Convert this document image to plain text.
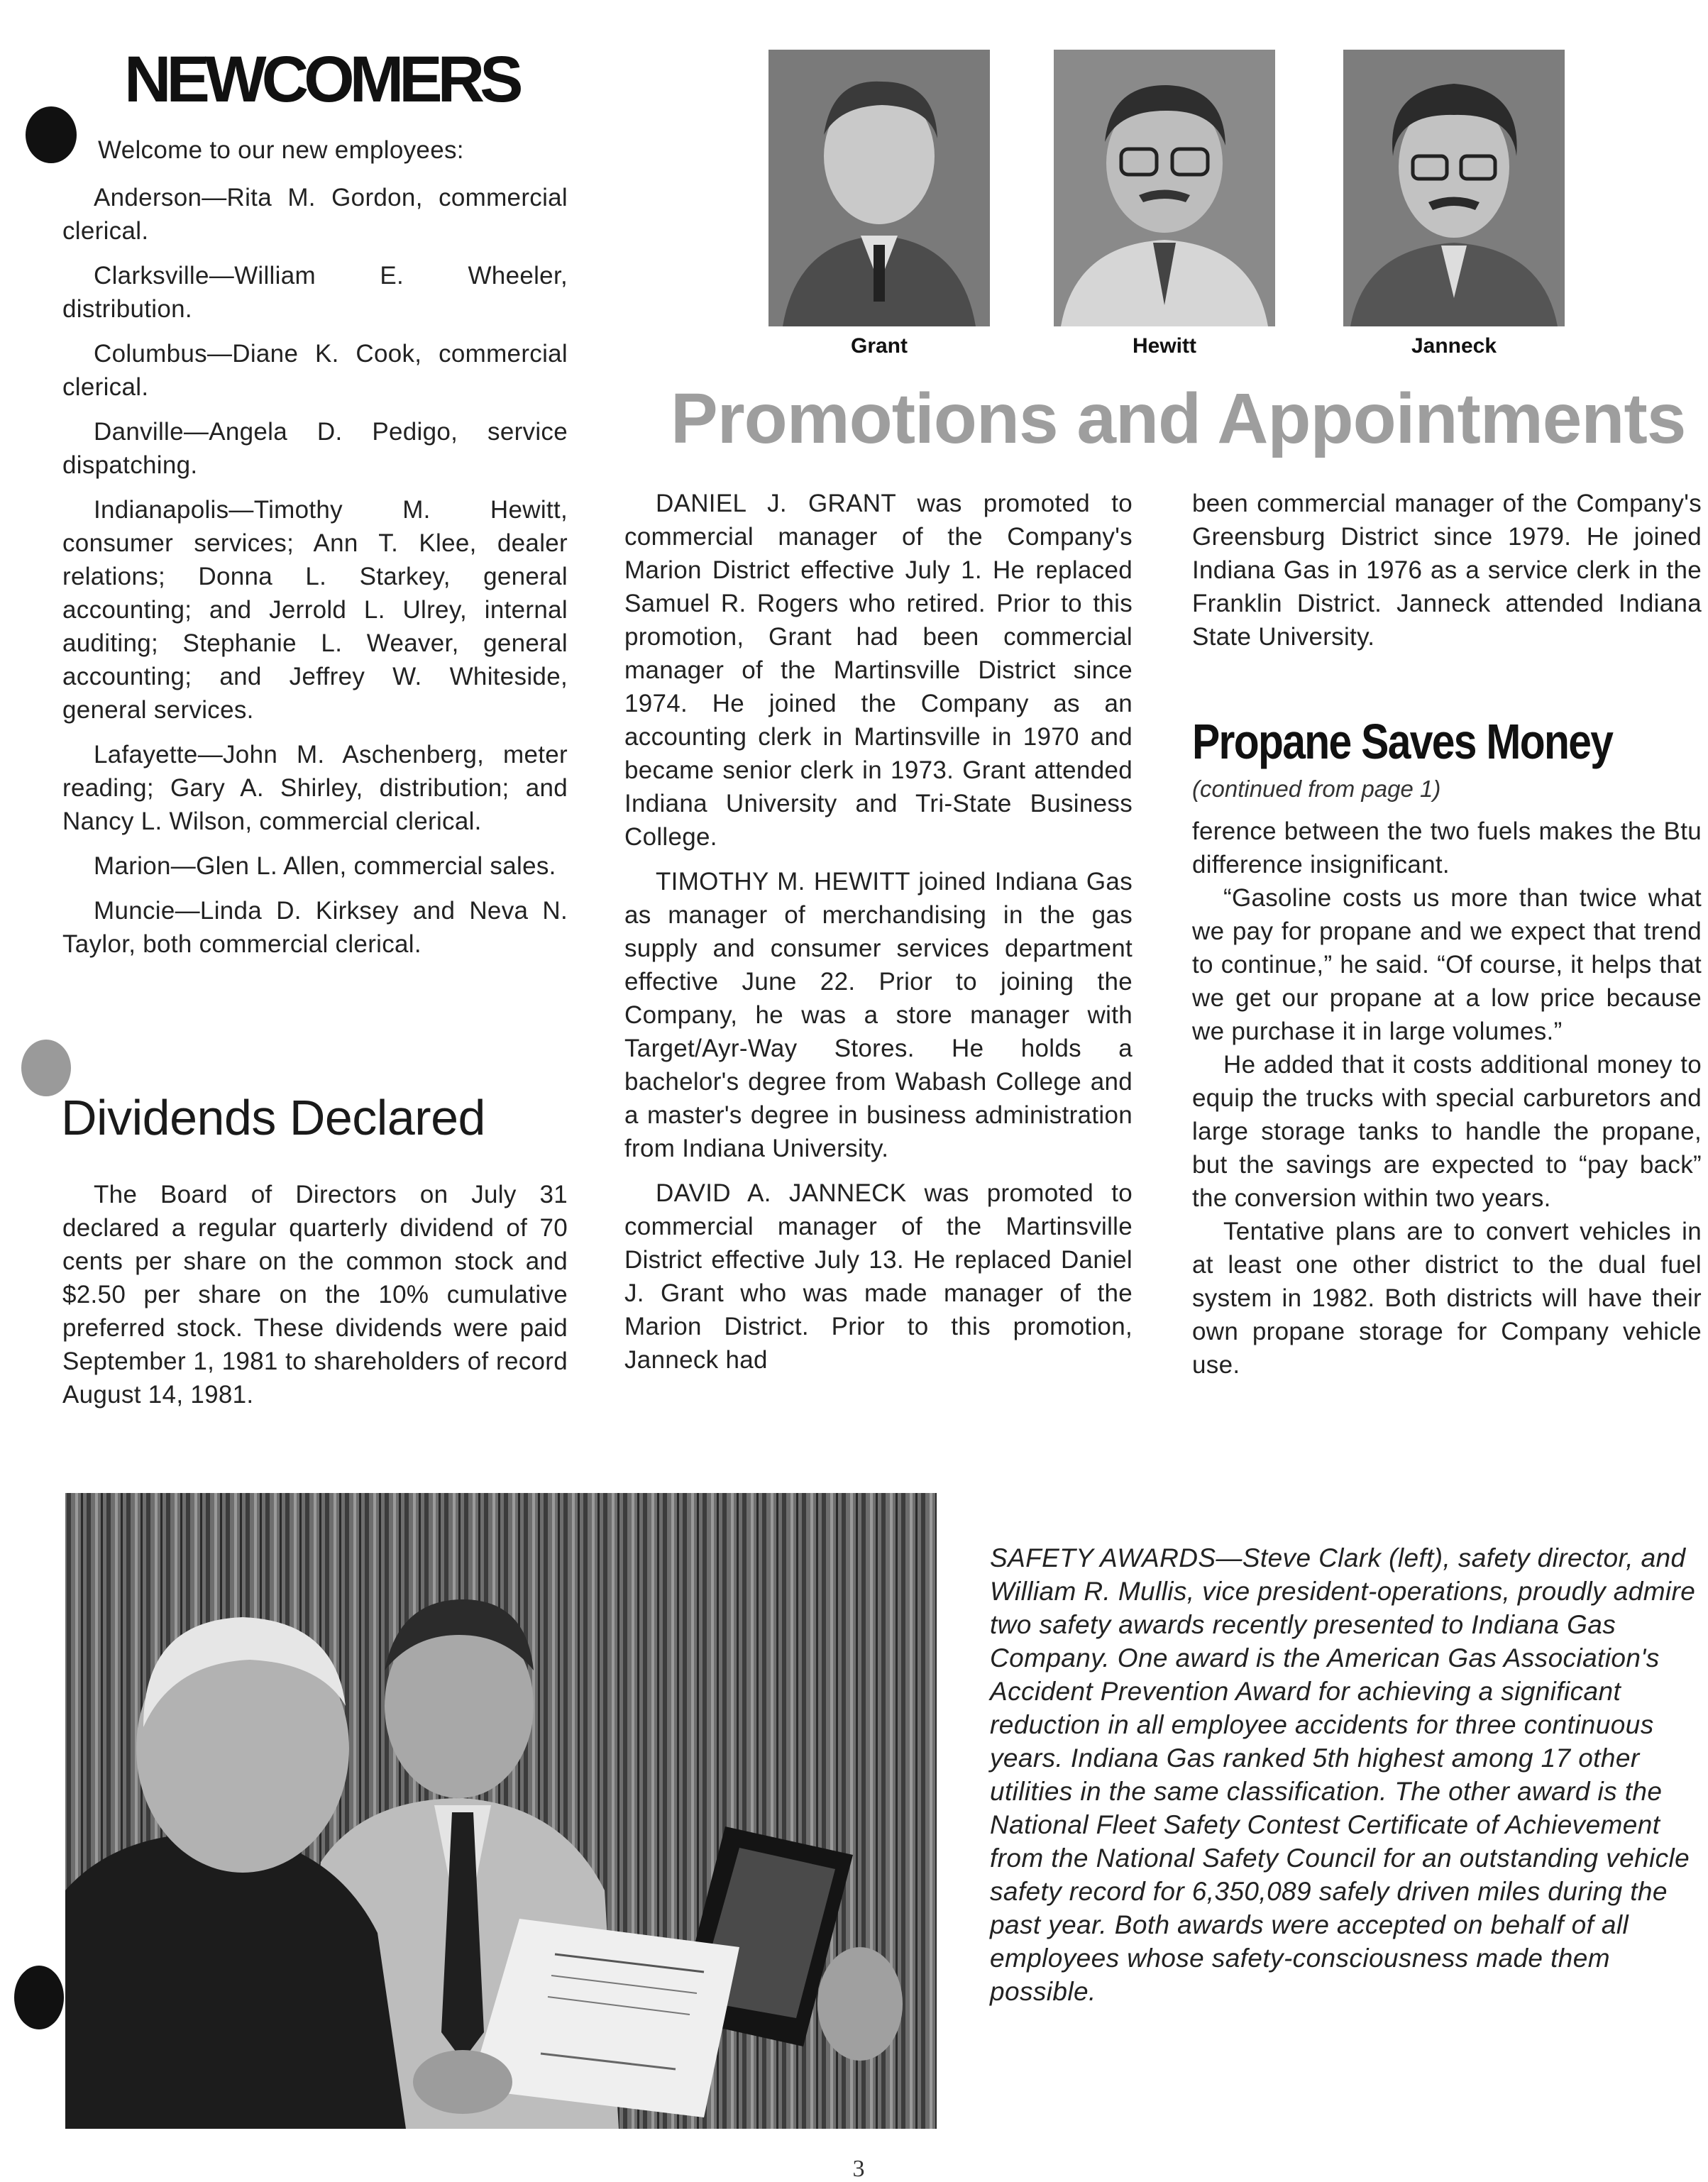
NEWCOMERS

Welcome to our new employees:

Anderson—Rita M. Gordon, commercial clerical.

Clarksville—William E. Wheeler, distribution.

Columbus—Diane K. Cook, commercial clerical.

Danville—Angela D. Pedigo, service dispatching.

Indianapolis—Timothy M. Hewitt, consumer services; Ann T. Klee, dealer relations; Donna L. Starkey, general accounting; and Jerrold L. Ulrey, internal auditing; Stephanie L. Weaver, general accounting; and Jeffrey W. Whiteside, general services.

Lafayette—John M. Aschenberg, meter reading; Gary A. Shirley, distribution; and Nancy L. Wilson, commercial clerical.

Marion—Glen L. Allen, commercial sales.

Muncie—Linda D. Kirksey and Neva N. Taylor, both commercial clerical.

Dividends Declared

The Board of Directors on July 31 declared a regular quarterly dividend of 70 cents per share on the common stock and $2.50 per share on the 10% cumulative preferred stock. These dividends were paid September 1, 1981 to shareholders of record August 14, 1981.

Grant	Hewitt	Janneck
Promotions and Appointments

DANIEL J. GRANT was promoted to commercial manager of the Company's Marion District effective July 1. He replaced Samuel R. Rogers who retired. Prior to this promotion, Grant had been commercial manager of the Martinsville District since 1974. He joined the Company as an accounting clerk in Martinsville in 1970 and became senior clerk in 1973. Grant attended Indiana University and Tri-State Business College.

TIMOTHY M. HEWITT joined Indiana Gas as manager of merchandising in the gas supply and consumer services department effective June 22. Prior to joining the Company, he was a store manager with Target/Ayr-Way Stores. He holds a bachelor's degree from Wabash College and a master's degree in business administration from Indiana University.

DAVID A. JANNECK was promoted to commercial manager of the Martinsville District effective July 13. He replaced Daniel J. Grant who was made manager of the Marion District. Prior to this promotion, Janneck had

been commercial manager of the Company's Greensburg District since 1979. He joined Indiana Gas in 1976 as a service clerk in the Franklin District. Janneck attended Indiana State University.

Propane Saves Money
(continued from page 1)

ference between the two fuels makes the Btu difference insignificant.

“Gasoline costs us more than twice what we pay for propane and we expect that trend to continue,” he said. “Of course, it helps that we get our propane at a low price because we purchase it in large volumes.”

He added that it costs additional money to equip the trucks with special carburetors and large storage tanks to handle the propane, but the savings are expected to “pay back” the conversion within two years.

Tentative plans are to convert vehicles in at least one other district to the dual fuel system in 1982. Both districts will have their own propane storage for Company vehicle use.

SAFETY AWARDS—Steve Clark (left), safety director, and William R. Mullis, vice president-operations, proudly admire two safety awards recently presented to Indiana Gas Company. One award is the American Gas Association's Accident Prevention Award for achieving a significant reduction in all employee accidents for three continuous years. Indiana Gas ranked 5th highest among 17 other utilities in the same classification. The other award is the National Fleet Safety Contest Certificate of Achievement from the National Safety Council for an outstanding vehicle safety record for 6,350,089 safely driven miles during the past year. Both awards were accepted on behalf of all employees whose safety-consciousness made them possible.
3
